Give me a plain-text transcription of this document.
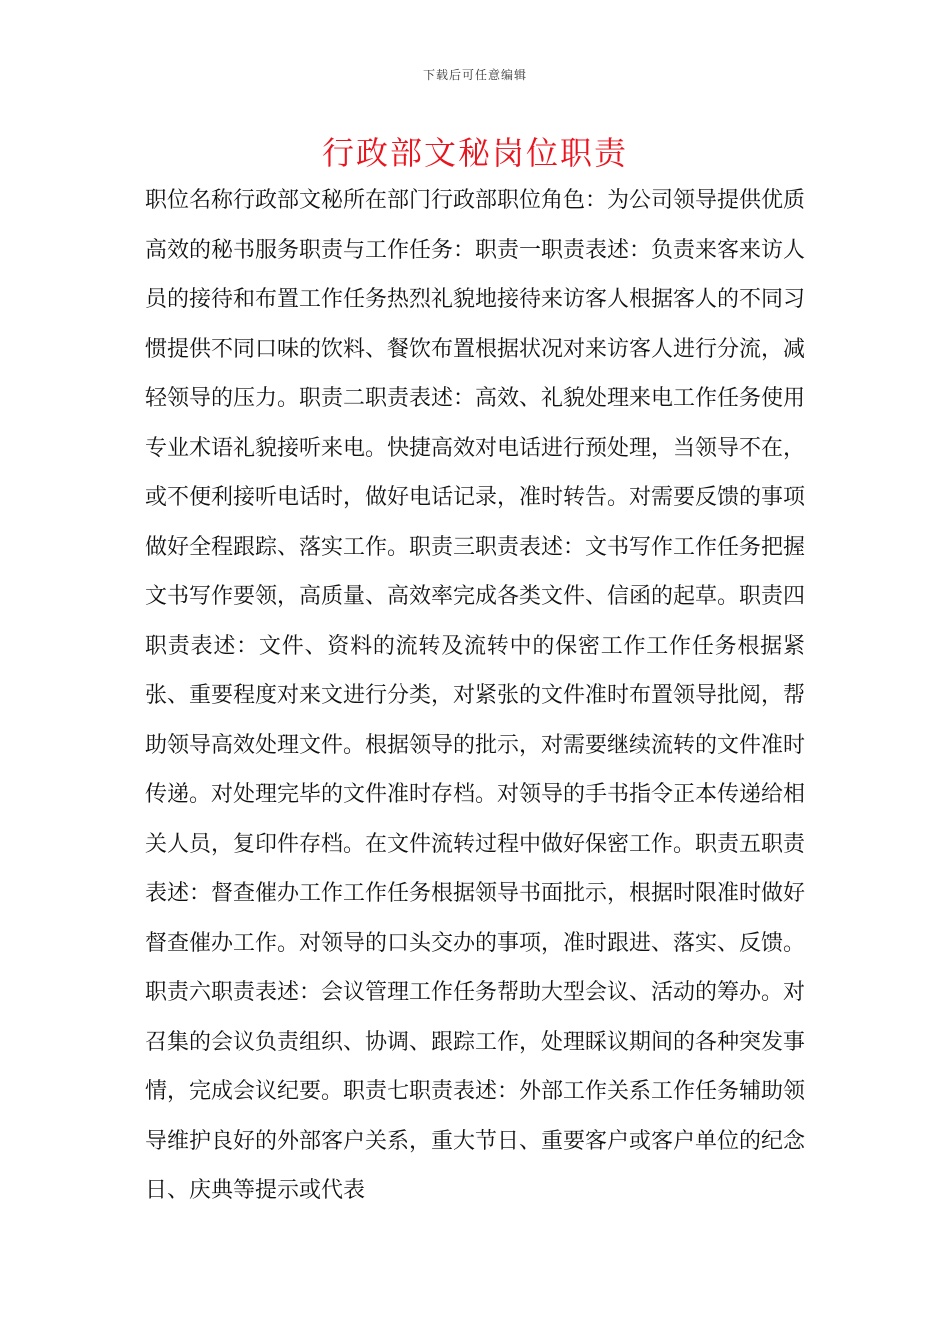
下载后可任意编辑
行政部文秘岗位职责

职位名称行政部文秘所在部门行政部职位角色：为公司领导提供优质高效的秘书服务职责与工作任务：职责一职责表述：负责来客来访人员的接待和布置工作任务热烈礼貌地接待来访客人根据客人的不同习惯提供不同口味的饮料、餐饮布置根据状况对来访客人进行分流，减轻领导的压力。职责二职责表述：高效、礼貌处理来电工作任务使用专业术语礼貌接听来电。快捷高效对电话进行预处理，当领导不在，或不便利接听电话时，做好电话记录，准时转告。对需要反馈的事项做好全程跟踪、落实工作。职责三职责表述：文书写作工作任务把握文书写作要领，高质量、高效率完成各类文件、信函的起草。职责四职责表述：文件、资料的流转及流转中的保密工作工作任务根据紧张、重要程度对来文进行分类，对紧张的文件准时布置领导批阅，帮助领导高效处理文件。根据领导的批示，对需要继续流转的文件准时传递。对处理完毕的文件准时存档。对领导的手书指令正本传递给相关人员，复印件存档。在文件流转过程中做好保密工作。职责五职责表述：督查催办工作工作任务根据领导书面批示，根据时限准时做好督查催办工作。对领导的口头交办的事项，准时跟进、落实、反馈。职责六职责表述：会议管理工作任务帮助大型会议、活动的筹办。对召集的会议负责组织、协调、跟踪工作，处理睬议期间的各种突发事情，完成会议纪要。职责七职责表述：外部工作关系工作任务辅助领导维护良好的外部客户关系，重大节日、重要客户或客户单位的纪念日、庆典等提示或代表
